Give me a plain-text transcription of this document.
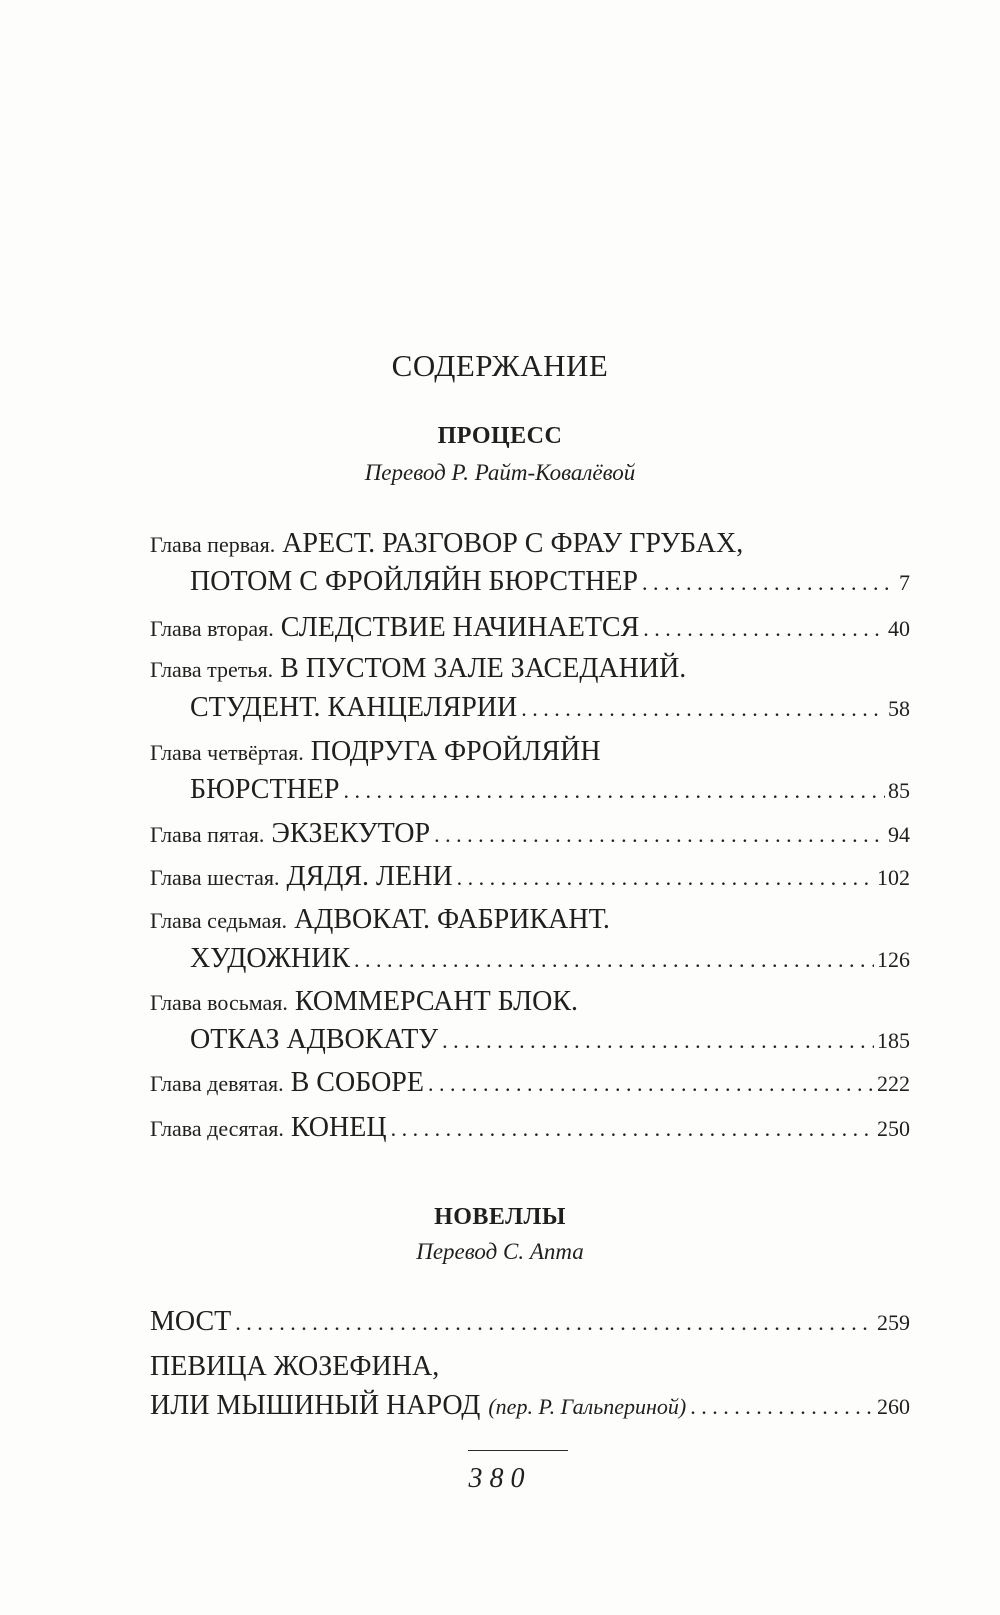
СОДЕРЖАНИЕ
ПРОЦЕСС
Перевод Р. Райт-Ковалёвой
Глава первая. АРЕСТ. РАЗГОВОР С ФРАУ ГРУБАХ,
ПОТОМ С ФРОЙЛЯЙН БЮРСТНЕР . . .	7
Глава вторая. СЛЕДСТВИЕ НАЧИНАЕТСЯ . . .	40
Глава третья. В ПУСТОМ ЗАЛЕ ЗАСЕДАНИЙ.
СТУДЕНТ. КАНЦЕЛЯРИИ . . .	58
Глава четвёртая. ПОДРУГА ФРОЙЛЯЙН
БЮРСТНЕР . . .	85
Глава пятая. ЭКЗЕКУТОР . . .	94
Глава шестая. ДЯДЯ. ЛЕНИ . . .	102
Глава седьмая. АДВОКАТ. ФАБРИКАНТ.
ХУДОЖНИК . . .	126
Глава восьмая. КОММЕРСАНТ БЛОК.
ОТКАЗ АДВОКАТУ . . .	185
Глава девятая. В СОБОРЕ . . .	222
Глава десятая. КОНЕЦ . . .	250
НОВЕЛЛЫ
Перевод С. Апта
МОСТ . . .	259
ПЕВИЦА ЖОЗЕФИНА,
ИЛИ МЫШИНЫЙ НАРОД (пер. Р. Гальпериной) . . .	260
380
